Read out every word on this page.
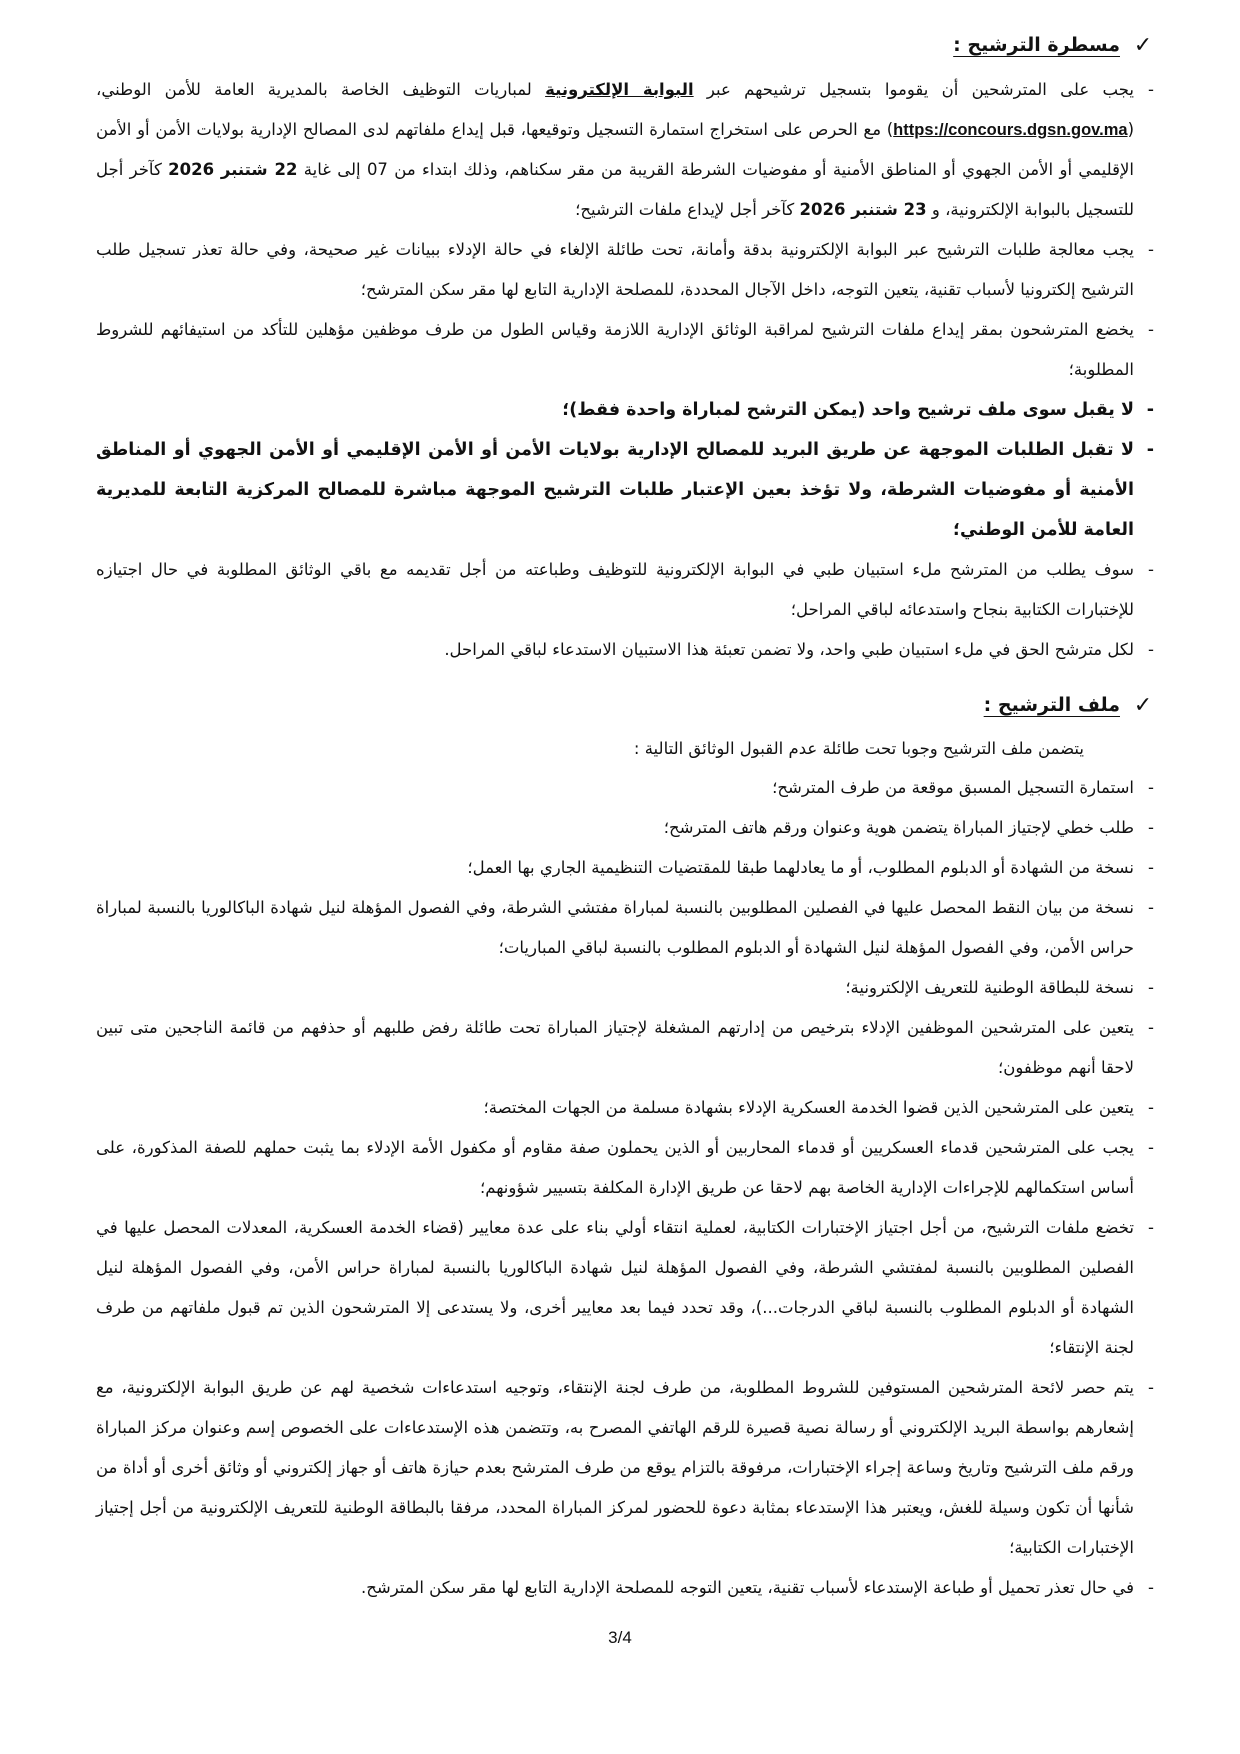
✓
مسطرة الترشيح :
- يجب على المترشحين أن يقوموا بتسجيل ترشيحهم عبر البوابة الإلكترونية لمباريات التوظيف الخاصة بالمديرية العامة للأمن الوطني، (https://concours.dgsn.gov.ma) مع الحرص على استخراج استمارة التسجيل وتوقيعها، قبل إيداع ملفاتهم لدى المصالح الإدارية بولايات الأمن أو الأمن الإقليمي أو الأمن الجهوي أو المناطق الأمنية أو مفوضيات الشرطة القريبة من مقر سكناهم، وذلك ابتداء من 07 إلى غاية 22 شتنبر 2026 كآخر أجل للتسجيل بالبوابة الإلكترونية، و 23 شتنبر 2026 كآخر أجل لإيداع ملفات الترشيح؛
- يجب معالجة طلبات الترشيح عبر البوابة الإلكترونية بدقة وأمانة، تحت طائلة الإلغاء في حالة الإدلاء ببيانات غير صحيحة، وفي حالة تعذر تسجيل طلب الترشيح إلكترونيا لأسباب تقنية، يتعين التوجه، داخل الآجال المحددة، للمصلحة الإدارية التابع لها مقر سكن المترشح؛
- يخضع المترشحون بمقر إيداع ملفات الترشيح لمراقبة الوثائق الإدارية اللازمة وقياس الطول من طرف موظفين مؤهلين للتأكد من استيفائهم للشروط المطلوبة؛
- لا يقبل سوى ملف ترشيح واحد (يمكن الترشح لمباراة واحدة فقط)؛
- لا تقبل الطلبات الموجهة عن طريق البريد للمصالح الإدارية بولايات الأمن أو الأمن الإقليمي أو الأمن الجهوي أو المناطق الأمنية أو مفوضيات الشرطة، ولا تؤخذ بعين الإعتبار طلبات الترشيح الموجهة مباشرة للمصالح المركزية التابعة للمديرية العامة للأمن الوطني؛
- سوف يطلب من المترشح ملء استبيان طبي في البوابة الإلكترونية للتوظيف وطباعته من أجل تقديمه مع باقي الوثائق المطلوبة في حال اجتيازه للإختبارات الكتابية بنجاح واستدعائه لباقي المراحل؛
- لكل مترشح الحق في ملء استبيان طبي واحد، ولا تضمن تعبئة هذا الاستبيان الاستدعاء لباقي المراحل.
✓
ملف الترشيح :

يتضمن ملف الترشيح وجوبا تحت طائلة عدم القبول الوثائق التالية :

- استمارة التسجيل المسبق موقعة من طرف المترشح؛
- طلب خطي لإجتياز المباراة يتضمن هوية وعنوان ورقم هاتف المترشح؛
- نسخة من الشهادة أو الدبلوم المطلوب، أو ما يعادلهما طبقا للمقتضيات التنظيمية الجاري بها العمل؛
- نسخة من بيان النقط المحصل عليها في الفصلين المطلوبين بالنسبة لمباراة مفتشي الشرطة، وفي الفصول المؤهلة لنيل شهادة الباكالوريا بالنسبة لمباراة حراس الأمن، وفي الفصول المؤهلة لنيل الشهادة أو الدبلوم المطلوب بالنسبة لباقي المباريات؛
- نسخة للبطاقة الوطنية للتعريف الإلكترونية؛
- يتعين على المترشحين الموظفين الإدلاء بترخيص من إدارتهم المشغلة لإجتياز المباراة تحت طائلة رفض طلبهم أو حذفهم من قائمة الناجحين متى تبين لاحقا أنهم موظفون؛
- يتعين على المترشحين الذين قضوا الخدمة العسكرية الإدلاء بشهادة مسلمة من الجهات المختصة؛
- يجب على المترشحين قدماء العسكريين أو قدماء المحاربين أو الذين يحملون صفة مقاوم أو مكفول الأمة الإدلاء بما يثبت حملهم للصفة المذكورة، على أساس استكمالهم للإجراءات الإدارية الخاصة بهم لاحقا عن طريق الإدارة المكلفة بتسيير شؤونهم؛
- تخضع ملفات الترشيح، من أجل اجتياز الإختبارات الكتابية، لعملية انتقاء أولي بناء على عدة معايير (قضاء الخدمة العسكرية، المعدلات المحصل عليها في الفصلين المطلوبين بالنسبة لمفتشي الشرطة، وفي الفصول المؤهلة لنيل شهادة الباكالوريا بالنسبة لمباراة حراس الأمن، وفي الفصول المؤهلة لنيل الشهادة أو الدبلوم المطلوب بالنسبة لباقي الدرجات...)، وقد تحدد فيما بعد معايير أخرى، ولا يستدعى إلا المترشحون الذين تم قبول ملفاتهم من طرف لجنة الإنتقاء؛
- يتم حصر لائحة المترشحين المستوفين للشروط المطلوبة، من طرف لجنة الإنتقاء، وتوجيه استدعاءات شخصية لهم عن طريق البوابة الإلكترونية، مع إشعارهم بواسطة البريد الإلكتروني أو رسالة نصية قصيرة للرقم الهاتفي المصرح به، وتتضمن هذه الإستدعاءات على الخصوص إسم وعنوان مركز المباراة ورقم ملف الترشيح وتاريخ وساعة إجراء الإختبارات، مرفوقة بالتزام يوقع من طرف المترشح بعدم حيازة هاتف أو جهاز إلكتروني أو وثائق أخرى أو أداة من شأنها أن تكون وسيلة للغش، ويعتبر هذا الإستدعاء بمثابة دعوة للحضور لمركز المباراة المحدد، مرفقا بالبطاقة الوطنية للتعريف الإلكترونية من أجل إجتياز الإختبارات الكتابية؛
- في حال تعذر تحميل أو طباعة الإستدعاء لأسباب تقنية، يتعين التوجه للمصلحة الإدارية التابع لها مقر سكن المترشح.
3/4
